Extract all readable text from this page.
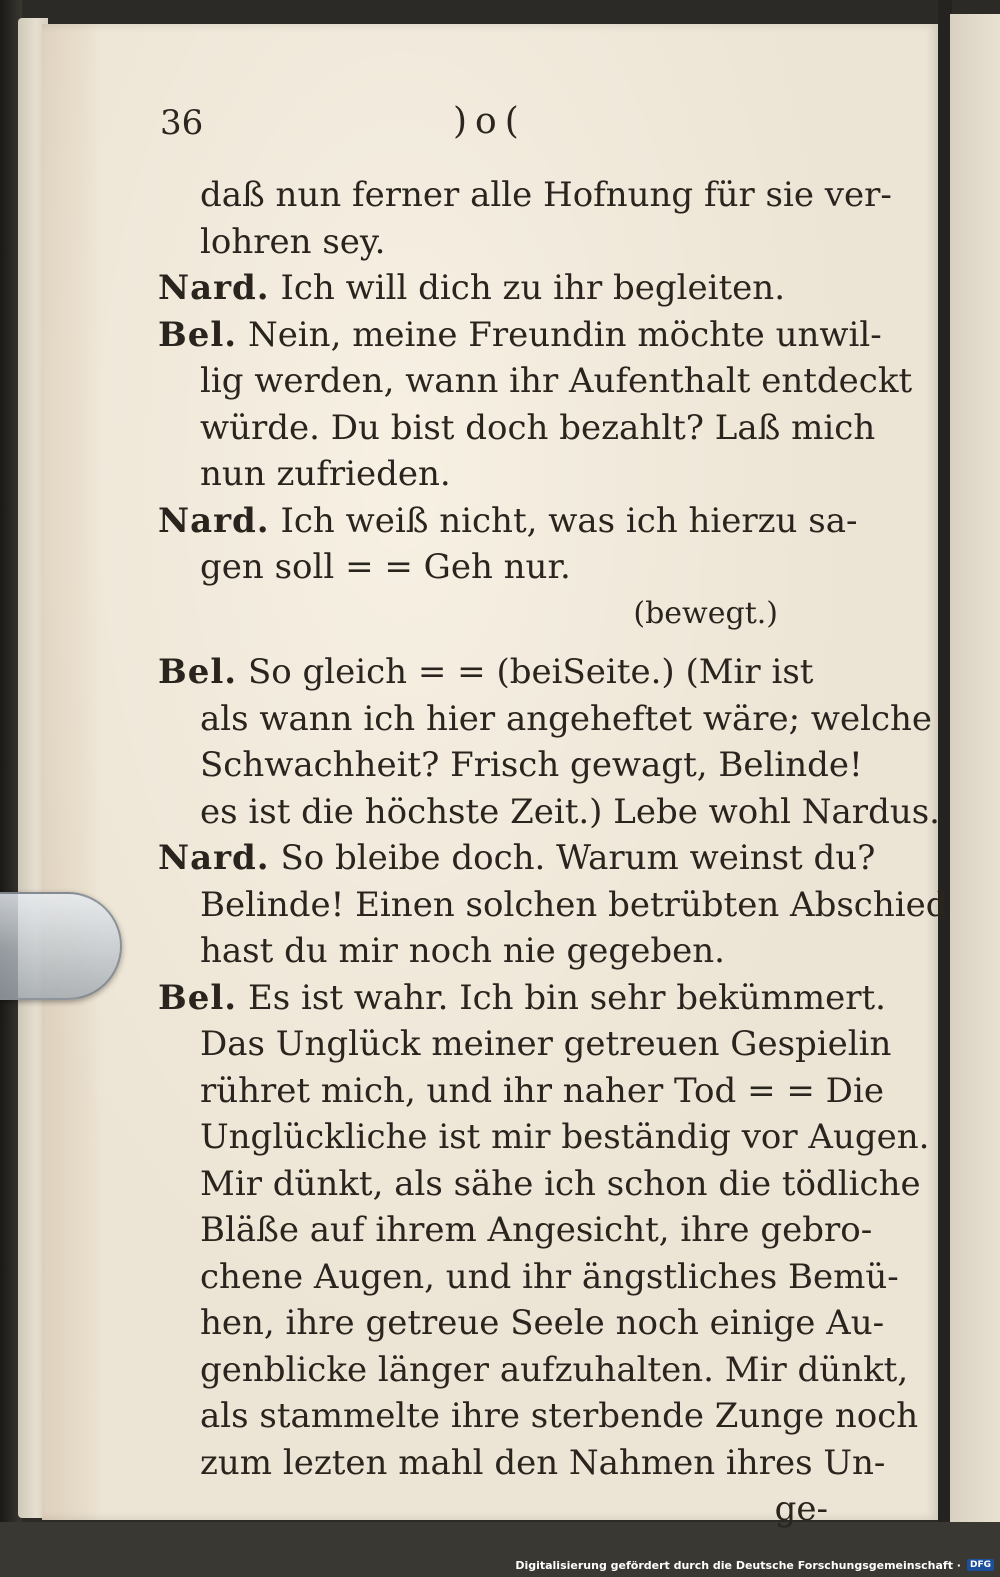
36	)o(
daß nun ferner alle Hofnung für sie ver-
lohren sey.
Nard. Ich will dich zu ihr begleiten.
Bel. Nein, meine Freundin möchte unwil-
lig werden, wann ihr Aufenthalt entdeckt
würde. Du bist doch bezahlt? Laß mich
nun zufrieden.
Nard. Ich weiß nicht, was ich hierzu sa-
gen soll = = Geh nur.
(bewegt.)
Bel. So gleich = = (beiSeite.) (Mir ist
als wann ich hier angeheftet wäre; welche
Schwachheit? Frisch gewagt, Belinde!
es ist die höchste Zeit.) Lebe wohl Nardus.
Nard. So bleibe doch. Warum weinst du?
Belinde! Einen solchen betrübten Abschied
hast du mir noch nie gegeben.
Bel. Es ist wahr. Ich bin sehr bekümmert.
Das Unglück meiner getreuen Gespielin
rühret mich, und ihr naher Tod = = Die
Unglückliche ist mir beständig vor Augen.
Mir dünkt, als sähe ich schon die tödliche
Bläße auf ihrem Angesicht, ihre gebro-
chene Augen, und ihr ängstliches Bemü-
hen, ihre getreue Seele noch einige Au-
genblicke länger aufzuhalten. Mir dünkt,
als stammelte ihre sterbende Zunge noch
zum lezten mahl den Nahmen ihres Un-
ge-
Digitalisierung gefördert durch die Deutsche Forschungsgemeinschaft ·	DFG
